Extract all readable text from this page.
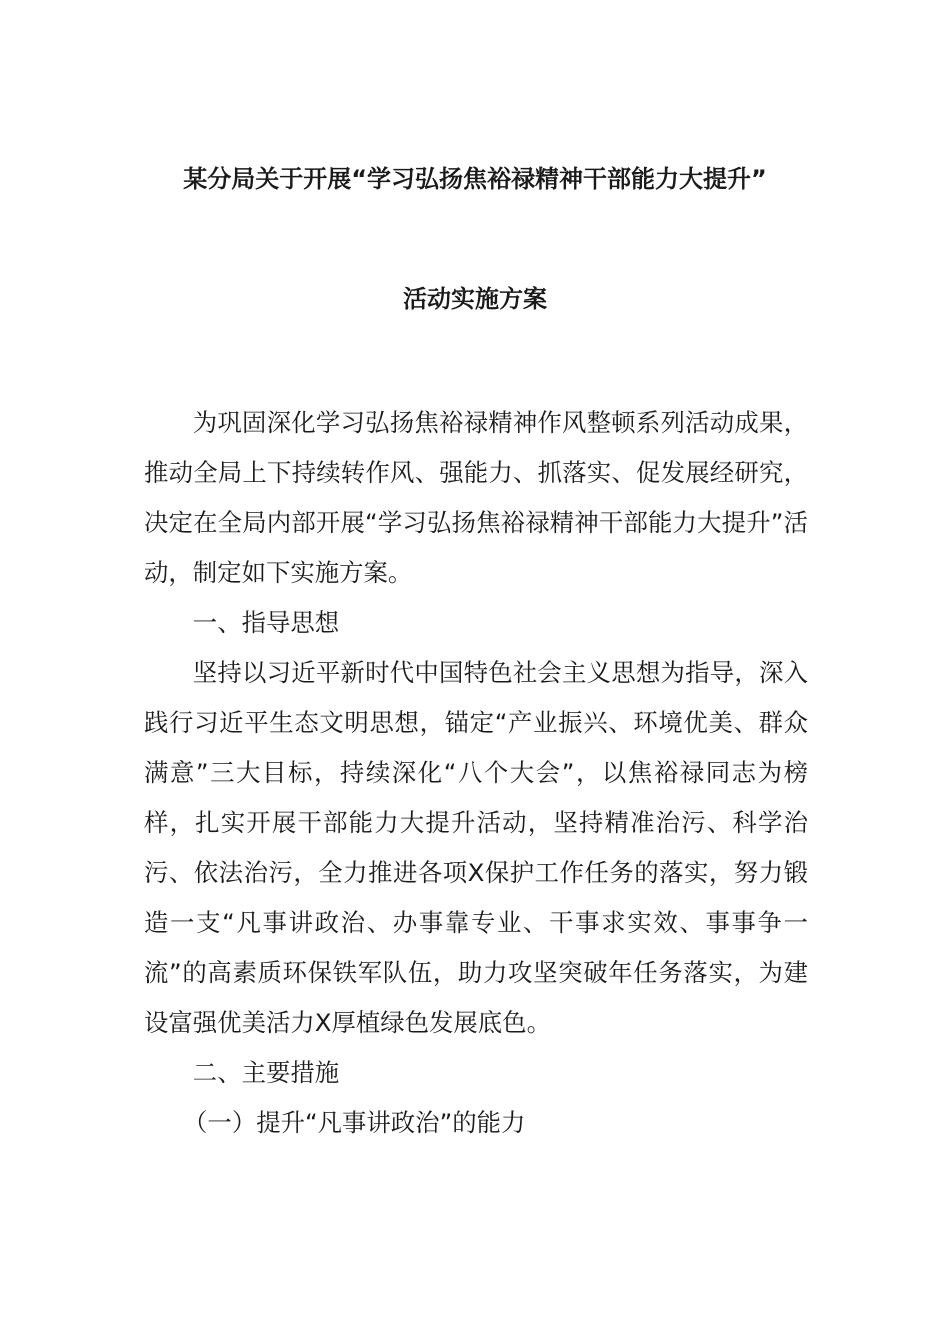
某分局关于开展“学习弘扬焦裕禄精神干部能力大提升”
活动实施方案

为巩固深化学习弘扬焦裕禄精神作风整顿系列活动成果，推动全局上下持续转作风、强能力、抓落实、促发展经研究，决定在全局内部开展“学习弘扬焦裕禄精神干部能力大提升”活动，制定如下实施方案。

一、指导思想

坚持以习近平新时代中国特色社会主义思想为指导，深入践行习近平生态文明思想，锚定“产业振兴、环境优美、群众满意”三大目标，持续深化“八个大会”，以焦裕禄同志为榜样，扎实开展干部能力大提升活动，坚持精准治污、科学治污、依法治污，全力推进各项X保护工作任务的落实，努力锻造一支“凡事讲政治、办事靠专业、干事求实效、事事争一流”的高素质环保铁军队伍，助力攻坚突破年任务落实，为建设富强优美活力X厚植绿色发展底色。

二、主要措施

（一）提升“凡事讲政治”的能力
